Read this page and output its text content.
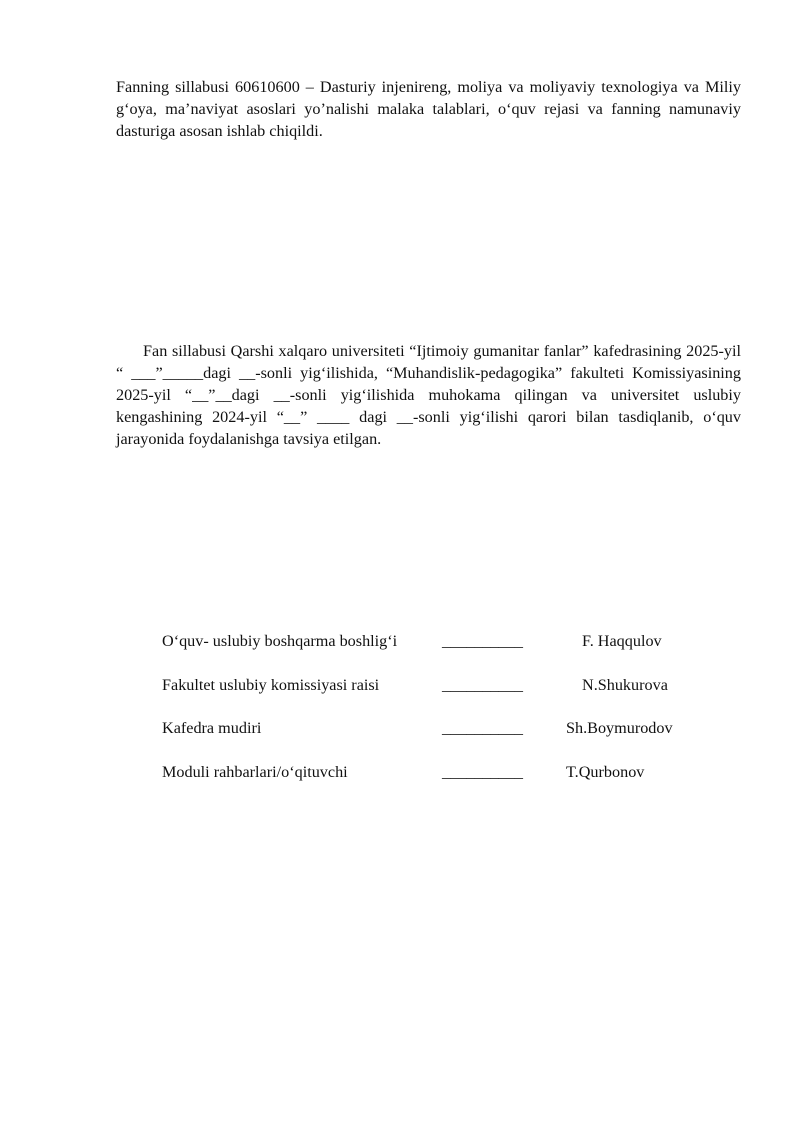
Fanning sillabusi 60610600 – Dasturiy injenireng, moliya va moliyaviy texnologiya va Miliy g‘oya, ma’naviyat asoslari yo’nalishi malaka talablari, o‘quv rejasi va fanning namunaviy dasturiga asosan ishlab chiqildi.

Fan sillabusi Qarshi xalqaro universiteti “Ijtimoiy gumanitar fanlar” kafedrasining 2025-yil “ ___”_____dagi __-sonli yig‘ilishida, “Muhandislik-pedagogika” fakulteti Komissiyasining 2025-yil “__”__dagi __-sonli yig‘ilishida muhokama qilingan va universitet uslubiy kengashining 2024-yil “__” ____ dagi __-sonli yig‘ilishi qarori bilan tasdiqlanib, o‘quv jarayonida foydalanishga tavsiya etilgan.

O‘quv- uslubiy boshqarma boshlig‘i	__________	F. Haqqulov
Fakultet uslubiy komissiyasi raisi	__________	N.Shukurova
Kafedra mudiri	__________	Sh.Boymurodov
Moduli rahbarlari/o‘qituvchi	__________	T.Qurbonov
